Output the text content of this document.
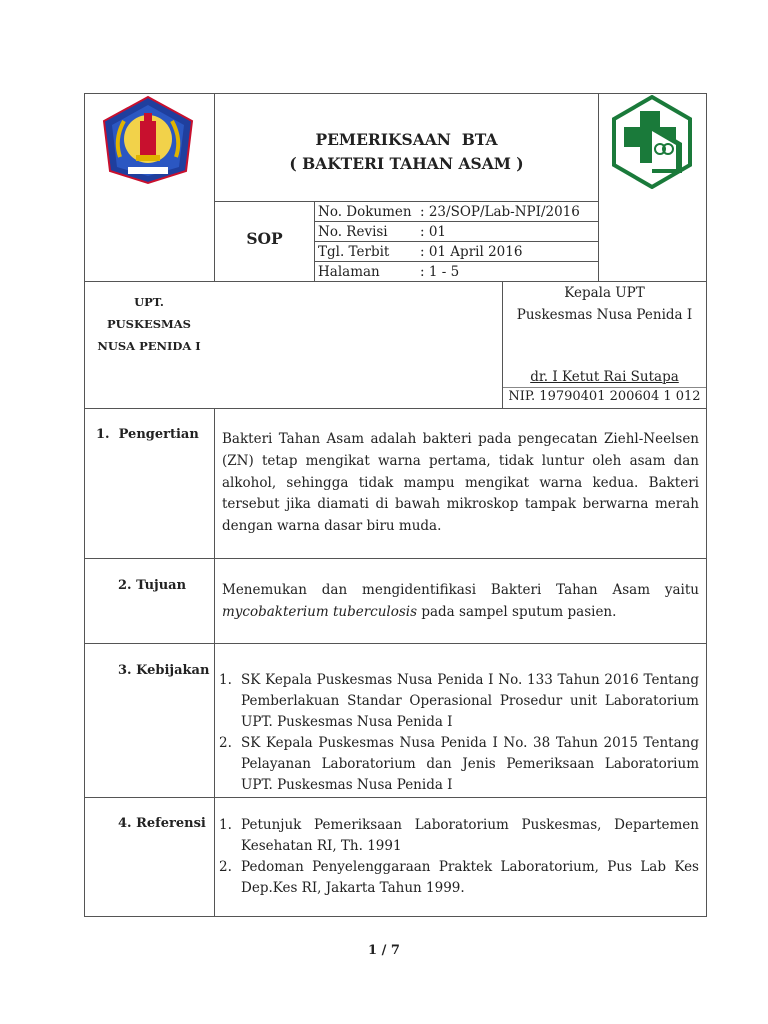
PEMERIKSAAN  BTA
( BAKTERI TAHAN ASAM )
SOP
No. Dokumen : 23/SOP/Lab-NPI/2016
No. Revisi : 01
Tgl. Terbit : 01 April 2016
Halaman	: 1 - 5
UPT.
PUSKESMAS
NUSA PENIDA I
Kepala UPT
Puskesmas Nusa Penida I
dr. I Ketut Rai Sutapa
NIP. 19790401 200604 1 012
1.  Pengertian Bakteri Tahan Asam adalah bakteri pada pengecatan Ziehl-Neelsen (ZN) tetap mengikat warna pertama, tidak luntur oleh asam dan alkohol, sehingga tidak mampu mengikat warna kedua. Bakteri tersebut jika diamati di bawah mikroskop tampak berwarna merah dengan warna dasar biru muda.
2. Tujuan	Menemukan dan mengidentifikasi Bakteri Tahan Asam yaitu mycobakterium tuberculosis pada sampel sputum pasien.
3. Kebijakan
1. SK Kepala Puskesmas Nusa Penida I No. 133 Tahun 2016 Tentang Pemberlakuan Standar Operasional Prosedur unit Laboratorium UPT. Puskesmas Nusa Penida I
2. SK Kepala Puskesmas Nusa Penida I No. 38 Tahun 2015 Tentang Pelayanan Laboratorium dan Jenis Pemeriksaan Laboratorium UPT. Puskesmas Nusa Penida I
4. Referensi 1. Petunjuk Pemeriksaan Laboratorium Puskesmas, Departemen Kesehatan RI, Th. 1991
2. Pedoman Penyelenggaraan Praktek Laboratorium, Pus Lab Kes Dep.Kes RI, Jakarta Tahun 1999.
1 / 7
